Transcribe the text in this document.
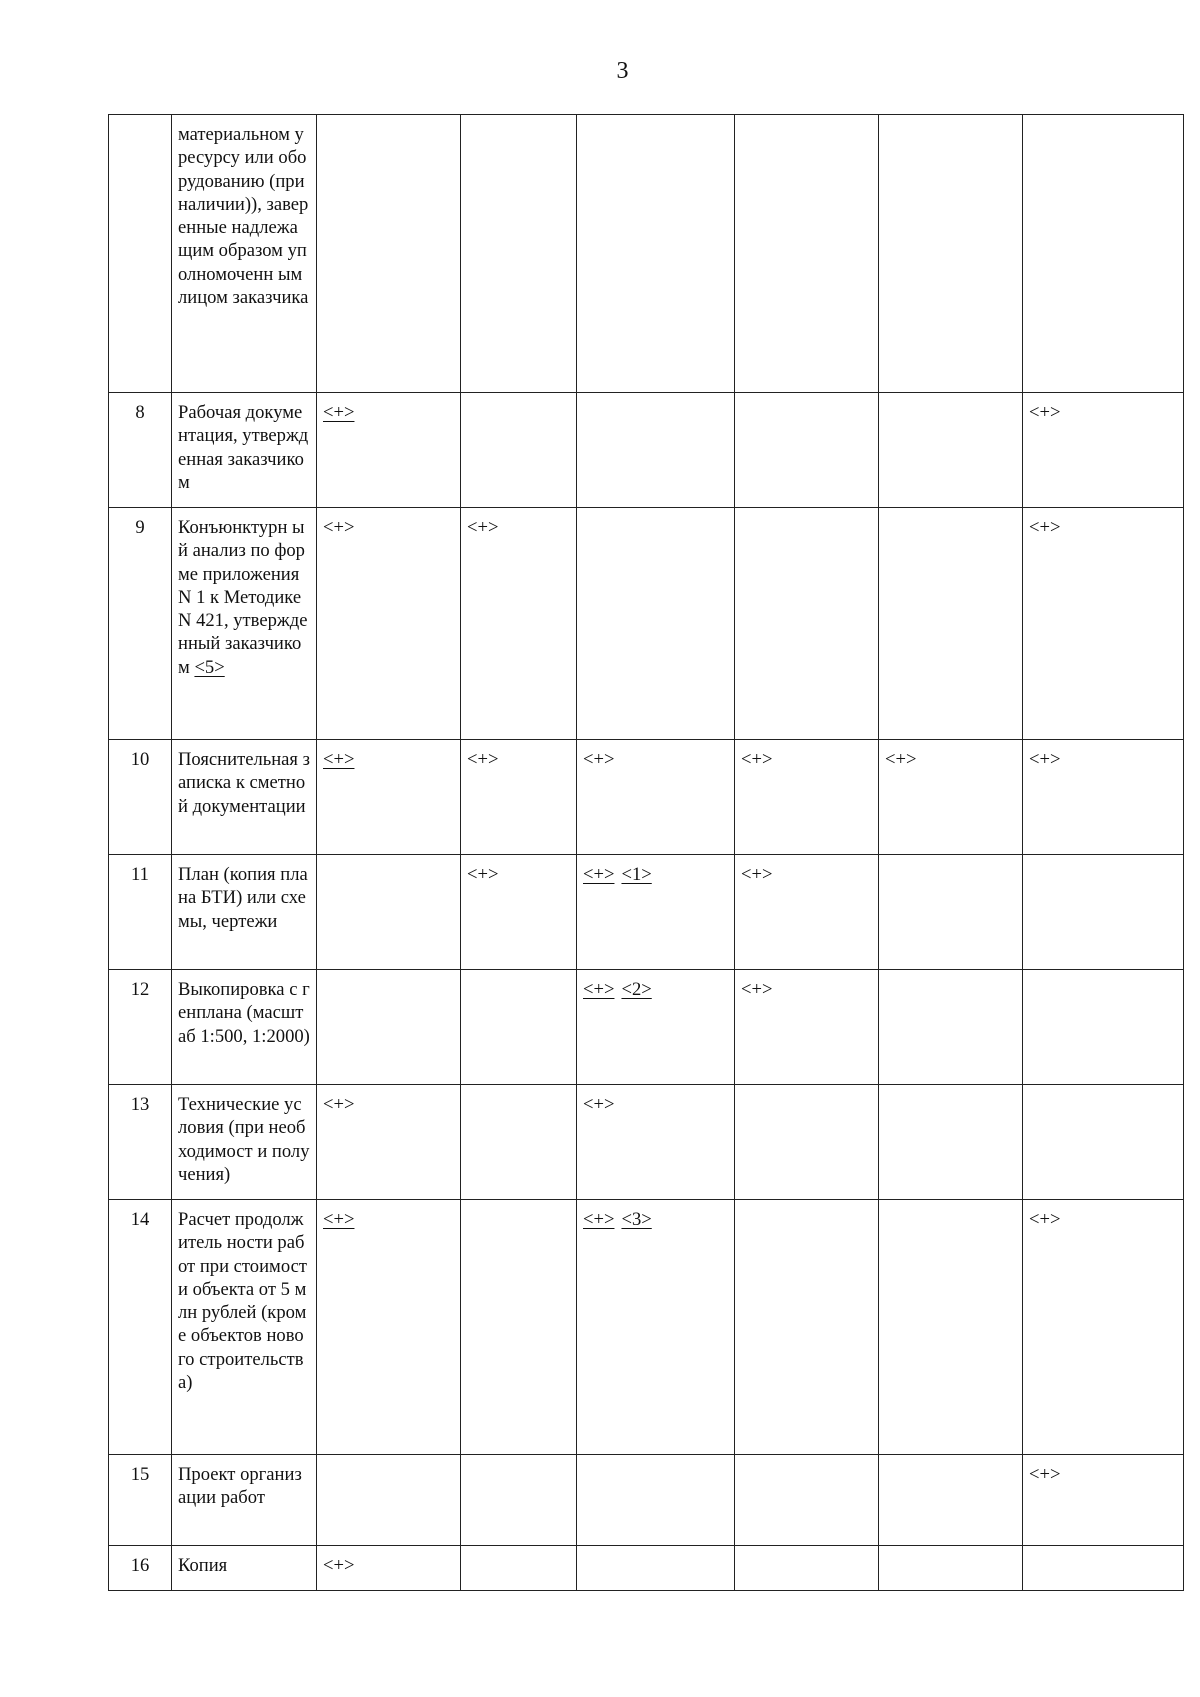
3
	материальном у ресурсу или оборудованию (при наличии)), заверенные надлежащим образом уполномоченн ым лицом заказчика						
8	Рабочая документация, утвержденная заказчиком	<+>					<+>
9	Конъюнктурн ый анализ по форме приложения N 1 к Методике N 421, утвержденный заказчиком <5>	<+>	<+>				<+>
10	Пояснительная записка к сметной документации	<+>	<+>	<+>	<+>	<+>	<+>
11	План (копия плана БТИ) или схемы, чертежи		<+>	<+> <1>	<+>		
12	Выкопировка с генплана (масштаб 1:500, 1:2000)			<+> <2>	<+>		
13	Технические условия (при необходимост и получения)	<+>		<+>			
14	Расчет продолжитель ности работ при стоимости объекта от 5 млн рублей (кроме объектов нового строительства)	<+>		<+> <3>			<+>
15	Проект организации работ						<+>
16	Копия	<+>					
